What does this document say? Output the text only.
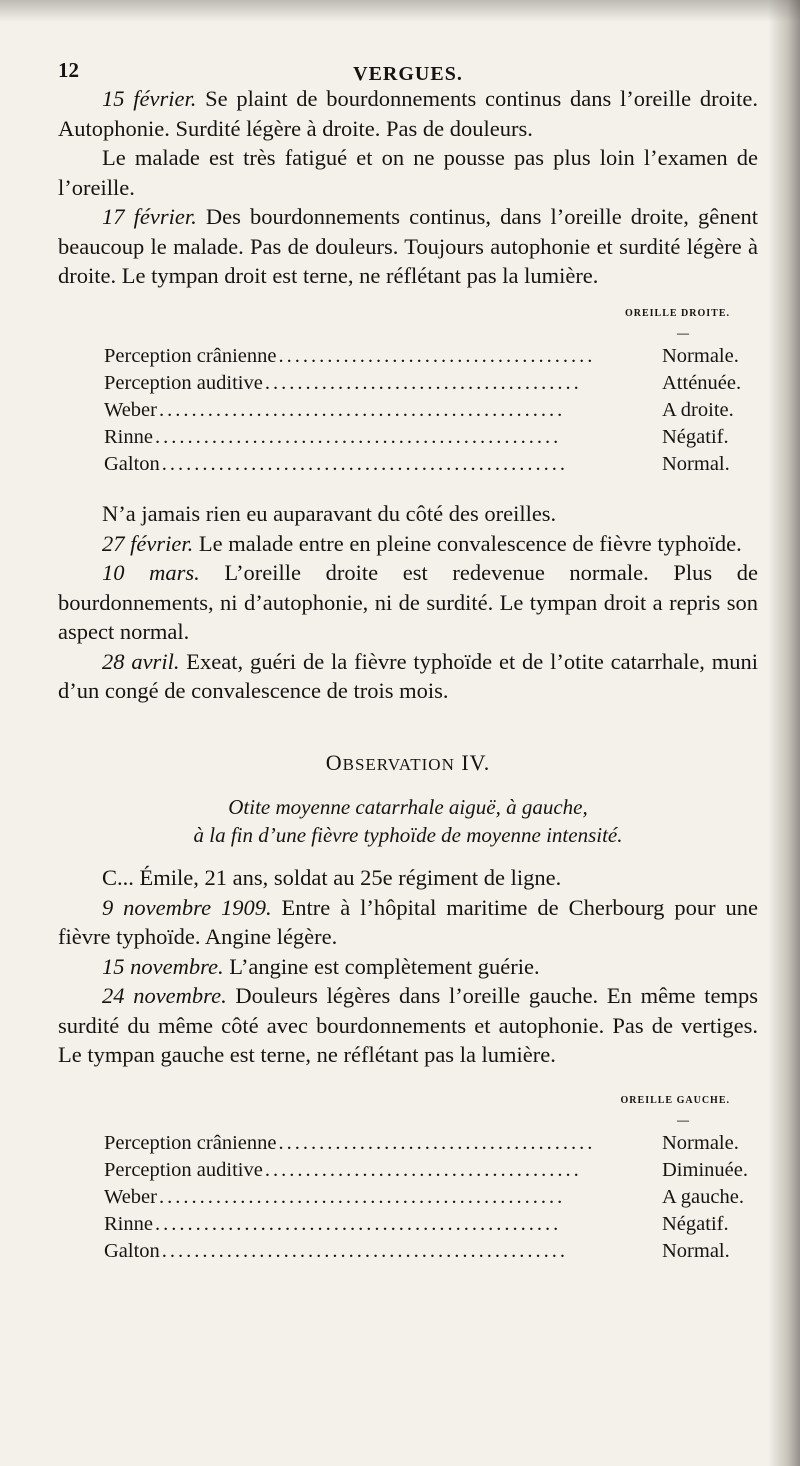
12	VERGUES.

15 février. Se plaint de bourdonnements continus dans l’oreille droite. Autophonie. Surdité légère à droite. Pas de douleurs.

Le malade est très fatigué et on ne pousse pas plus loin l’examen de l’oreille.

17 février. Des bourdonnements continus, dans l’oreille droite, gênent beaucoup le malade. Pas de douleurs. Toujours autophonie et surdité légère à droite. Le tympan droit est terne, ne réflétant pas la lumière.

OREILLE DROITE.
—
Perception crânienne .......................................	Normale.
Perception auditive .......................................	Atténuée.
Weber ..................................................	A droite.
Rinne ..................................................	Négatif.
Galton ..................................................	Normal.

N’a jamais rien eu auparavant du côté des oreilles.

27 février. Le malade entre en pleine convalescence de fièvre typhoïde.

10 mars. L’oreille droite est redevenue normale. Plus de bourdonnements, ni d’autophonie, ni de surdité. Le tympan droit a repris son aspect normal.

28 avril. Exeat, guéri de la fièvre typhoïde et de l’otite catarrhale, muni d’un congé de convalescence de trois mois.

OBSERVATION IV.
Otite moyenne catarrhale aiguë, à gauche,
à la fin d’une fièvre typhoïde de moyenne intensité.

C... Émile, 21 ans, soldat au 25e régiment de ligne.

9 novembre 1909. Entre à l’hôpital maritime de Cherbourg pour une fièvre typhoïde. Angine légère.

15 novembre. L’angine est complètement guérie.

24 novembre. Douleurs légères dans l’oreille gauche. En même temps surdité du même côté avec bourdonnements et autophonie. Pas de vertiges. Le tympan gauche est terne, ne réflétant pas la lumière.

OREILLE GAUCHE.
—
Perception crânienne .......................................	Normale.
Perception auditive .......................................	Diminuée.
Weber ..................................................	A gauche.
Rinne ..................................................	Négatif.
Galton ..................................................	Normal.
